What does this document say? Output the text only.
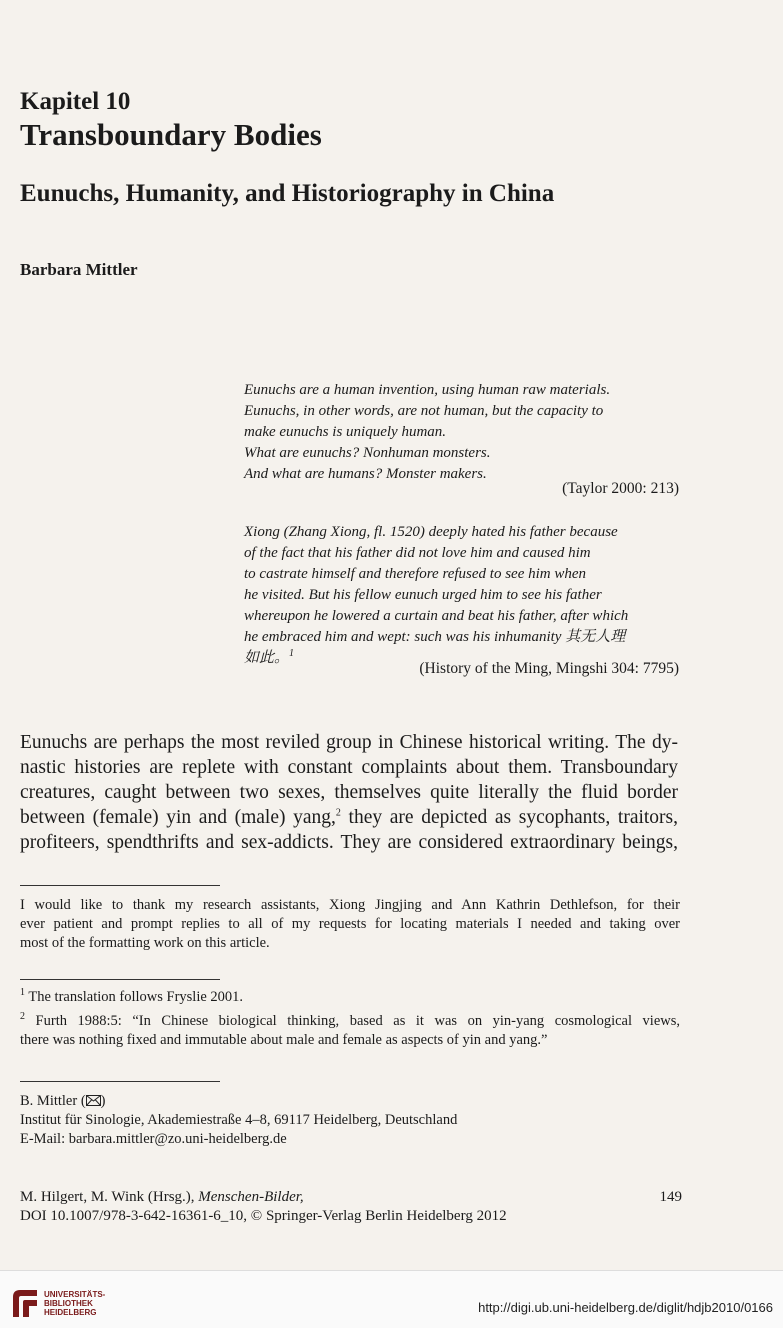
Kapitel 10
Transboundary Bodies
Eunuchs, Humanity, and Historiography in China
Barbara Mittler
Eunuchs are a human invention, using human raw materials.
Eunuchs, in other words, are not human, but the capacity to
make eunuchs is uniquely human.
What are eunuchs? Nonhuman monsters.
And what are humans? Monster makers.
(Taylor 2000: 213)
Xiong (Zhang Xiong, fl. 1520) deeply hated his father because
of the fact that his father did not love him and caused him
to castrate himself and therefore refused to see him when
he visited. But his fellow eunuch urged him to see his father
whereupon he lowered a curtain and beat his father, after which
he embraced him and wept: such was his inhumanity 其无人理
如此。$^1$
(History of the Ming, Mingshi 304: 7795)
Eunuchs are perhaps the most reviled group in Chinese historical writing. The dy-
nastic histories are replete with constant complaints about them. Transboundary
creatures, caught between two sexes, themselves quite literally the fluid border
between (female) yin and (male) yang,$^2$ they are depicted as sycophants, traitors,
profiteers, spendthrifts and sex-addicts. They are considered extraordinary beings,
I would like to thank my research assistants, Xiong Jingjing and Ann Kathrin Dethlefson, for their
ever patient and prompt replies to all of my requests for locating materials I needed and taking over
most of the formatting work on this article.
$^1$ The translation follows Fryslie 2001.
$^2$ Furth 1988:5: “In Chinese biological thinking, based as it was on yin-yang cosmological views,
there was nothing fixed and immutable about male and female as aspects of yin and yang.”
B. Mittler ( )
Institut für Sinologie, Akademiestraße 4–8, 69117 Heidelberg, Deutschland
E-Mail: barbara.mittler@zo.uni-heidelberg.de
M. Hilgert, M. Wink (Hrsg.), Menschen-Bilder,	149
DOI 10.1007/978-3-642-16361-6_10, © Springer-Verlag Berlin Heidelberg 2012
UNIVERSITÄTS-
BIBLIOTHEK
HEIDELBERG	http://digi.ub.uni-heidelberg.de/diglit/hdjb2010/0166
